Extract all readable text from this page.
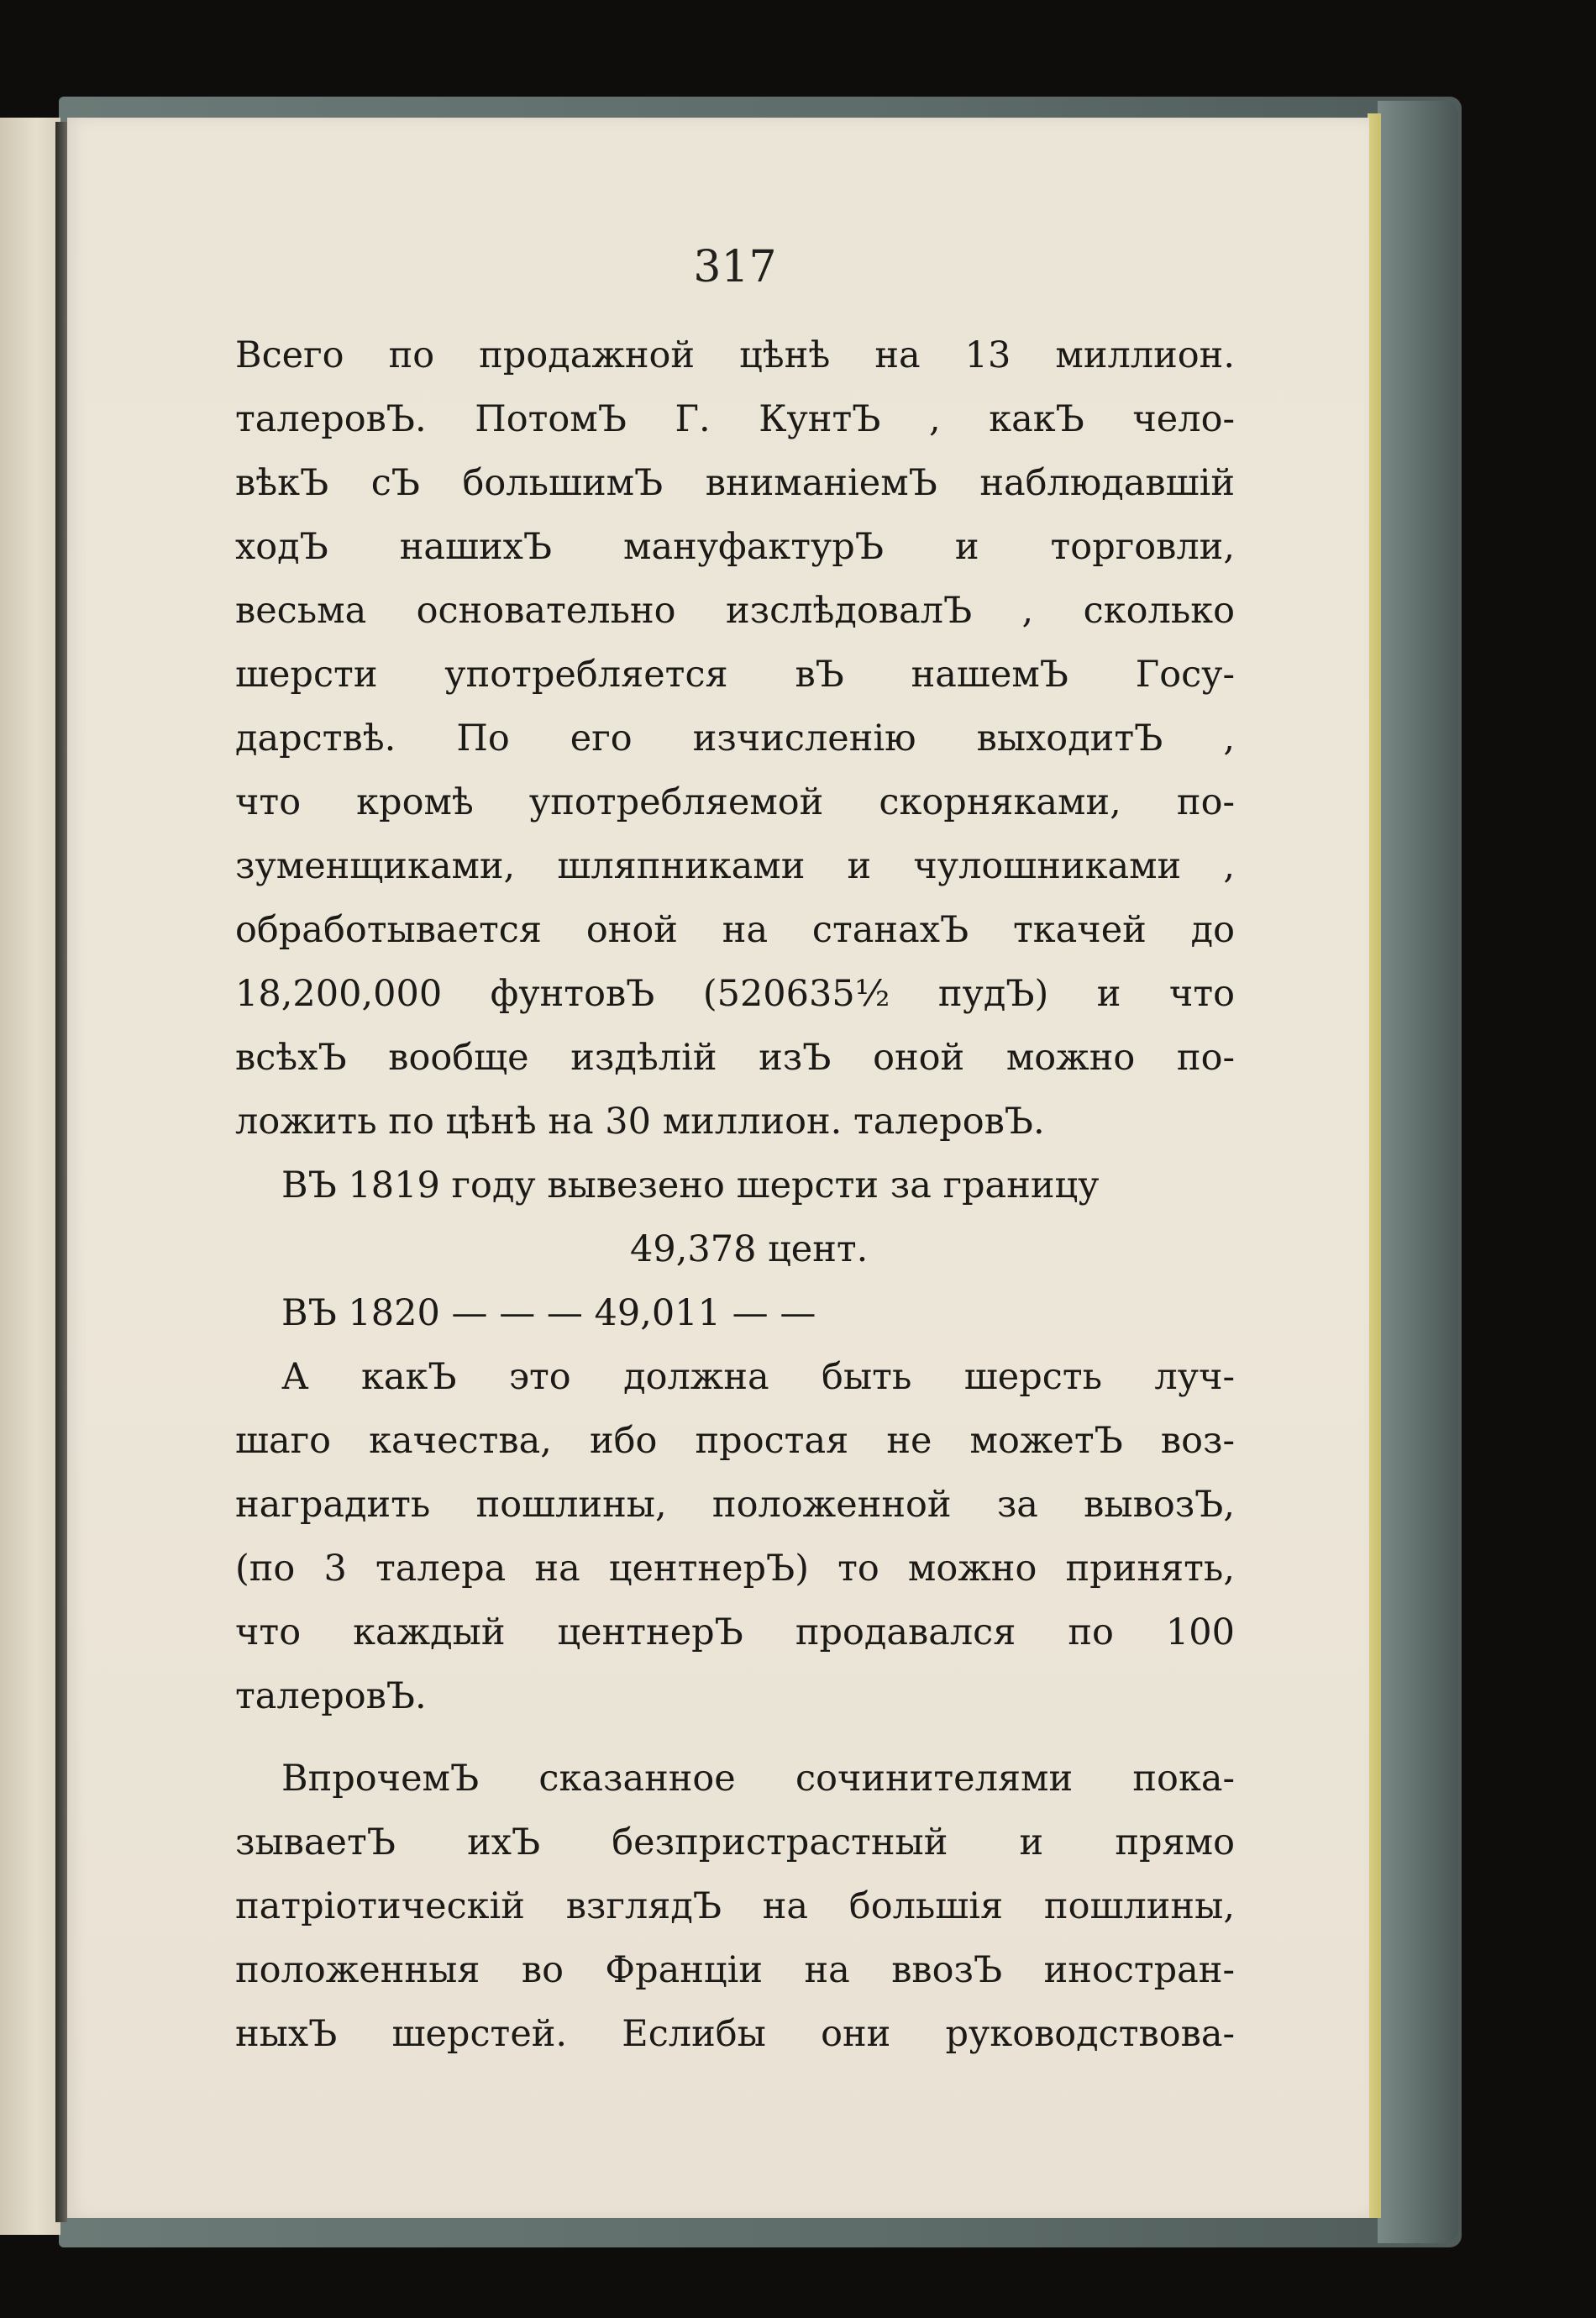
317
Всего по продажной цѣнѣ на 13 миллион.
талеровЪ. ПотомЪ Г. КунтЪ , какЪ чело-
вѣкЪ сЪ большимЪ вниманіемЪ наблюдавшій
ходЪ нашихЪ мануфактурЪ и торговли,
весьма основательно изслѣдовалЪ , сколько
шерсти употребляется вЪ нашемЪ Госу-
дарствѣ. По его изчисленію выходитЪ ,
что кромѣ употребляемой скорняками, по-
зуменщиками, шляпниками и чулошниками ,
обработывается оной на станахЪ ткачей до
18,200,000 фунтовЪ (520635½ пудЪ) и что
всѣхЪ вообще издѣлій изЪ оной можно по-
ложить по цѣнѣ на 30 миллион. талеровЪ.
ВЪ 1819 году вывезено шерсти за границу
49,378 цент.
ВЪ 1820 — — — 49,011 — —
А какЪ это должна быть шерсть луч-
шаго качества, ибо простая не можетЪ воз-
наградить пошлины, положенной за вывозЪ,
(по 3 талера на центнерЪ) то можно принять,
что каждый центнерЪ продавался по 100
талеровЪ.
ВпрочемЪ сказанное сочинителями пока-
зываетЪ ихЪ безпристрастный и прямо
патріотическій взглядЪ на большія пошлины,
положенныя во Франціи на ввозЪ иностран-
ныхЪ шерстей. Еслибы они руководствова-
